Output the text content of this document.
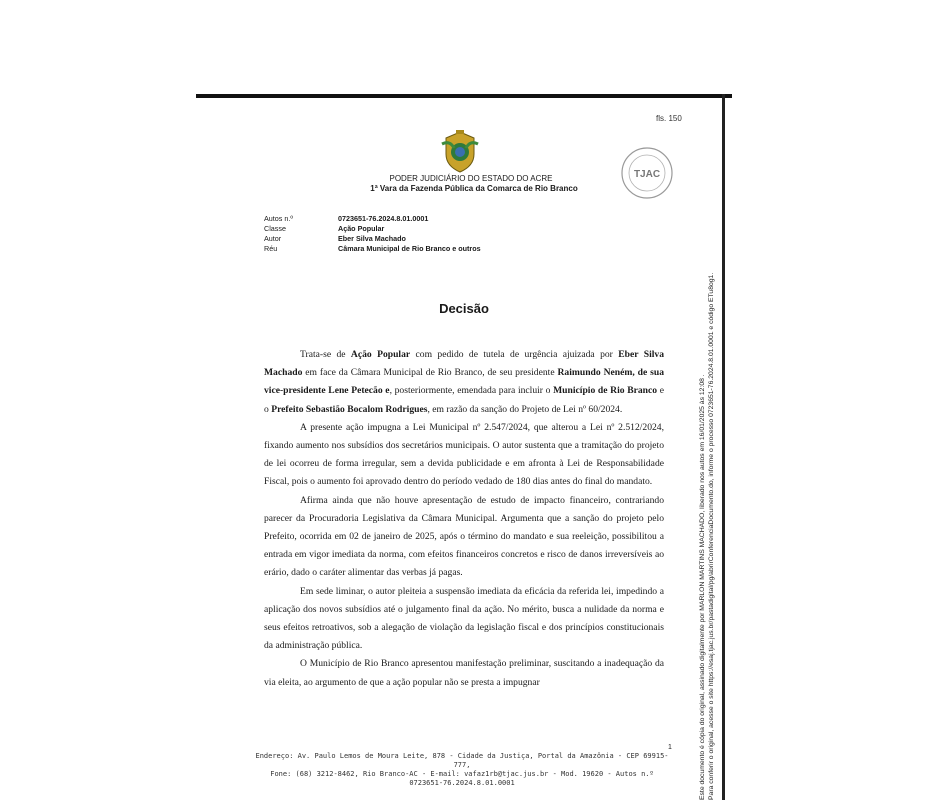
fls. 150
PODER JUDICIÁRIO DO ESTADO DO ACRE
1ª Vara da Fazenda Pública da Comarca de Rio Branco
TJAC
Autos n.º	0723651-76.2024.8.01.0001
Classe	Ação Popular
Autor	Eber Silva Machado
Réu	Câmara Municipal de Rio Branco e outros
Decisão

Trata-se de Ação Popular com pedido de tutela de urgência ajuizada por Eber Silva Machado em face da Câmara Municipal de Rio Branco, de seu presidente Raimundo Neném, de sua vice-presidente Lene Petecão e, posteriormente, emendada para incluir o Município de Rio Branco e o Prefeito Sebastião Bocalom Rodrigues, em razão da sanção do Projeto de Lei nº 60/2024.

A presente ação impugna a Lei Municipal nº 2.547/2024, que alterou a Lei nº 2.512/2024, fixando aumento nos subsídios dos secretários municipais. O autor sustenta que a tramitação do projeto de lei ocorreu de forma irregular, sem a devida publicidade e em afronta à Lei de Responsabilidade Fiscal, pois o aumento foi aprovado dentro do período vedado de 180 dias antes do final do mandato.

Afirma ainda que não houve apresentação de estudo de impacto financeiro, contrariando parecer da Procuradoria Legislativa da Câmara Municipal. Argumenta que a sanção do projeto pelo Prefeito, ocorrida em 02 de janeiro de 2025, após o término do mandato e sua reeleição, possibilitou a entrada em vigor imediata da norma, com efeitos financeiros concretos e risco de danos irreversíveis ao erário, dado o caráter alimentar das verbas já pagas.

Em sede liminar, o autor pleiteia a suspensão imediata da eficácia da referida lei, impedindo a aplicação dos novos subsídios até o julgamento final da ação. No mérito, busca a nulidade da norma e seus efeitos retroativos, sob a alegação de violação da legislação fiscal e dos princípios constitucionais da administração pública.

O Município de Rio Branco apresentou manifestação preliminar, suscitando a inadequação da via eleita, ao argumento de que a ação popular não se presta a impugnar

1
Endereço: Av. Paulo Lemos de Moura Leite, 878 - Cidade da Justiça, Portal da Amazônia - CEP 69915-777,
Fone: (68) 3212-8462, Rio Branco-AC - E-mail: vafaz1rb@tjac.jus.br - Mod. 19620 - Autos n.º
0723651-76.2024.8.01.0001	Este documento é cópia do original, assinado digitalmente por MARLON MARTINS MACHADO, liberado nos autos em 16/01/2025 às 12:08 . Para conferir o original, acesse o site https://esaj.tjac.jus.br/pastadigital/pg/abrirConferenciaDocumento.do, informe o processo 0723651-76.2024.8.01.0001 e código ETu8og1.
